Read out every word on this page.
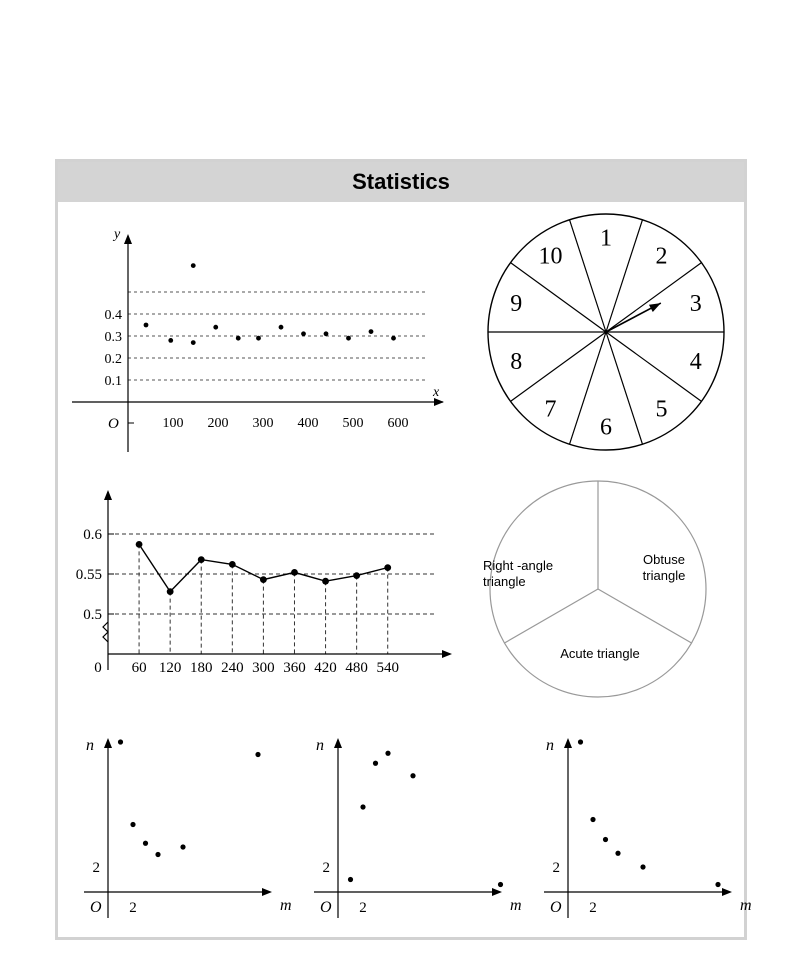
Statistics
x
y
O	100 200 300 400 500 600
0.1
0.2
0.3
0.4
1
2
3
4
5
6
7
8
9
10
0.5
0.55
0.6
60 120 180 240 300 360 420 480 540
0
Right -angle triangle
Obtuse triangle
Acute triangle
n
m
O 2
2
n
m
O 2
2
n
m
O 2
2
